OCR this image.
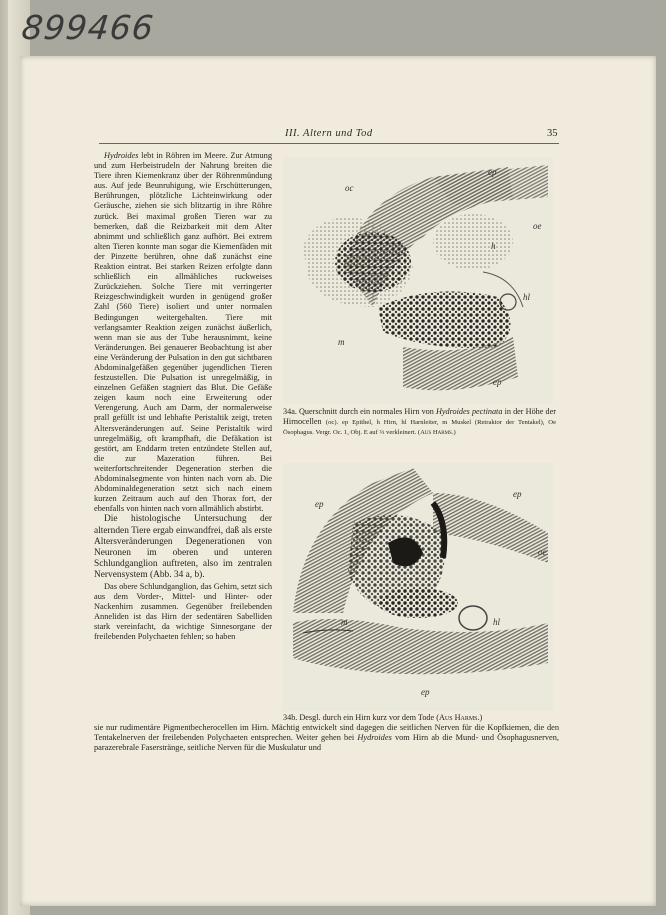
899466
III. Altern und Tod	35

Hydroides lebt in Röhren im Meere. Zur Atmung und zum Herbeistrudeln der Nahrung breiten die Tiere ihren Kiemenkranz über der Röhrenmündung aus. Auf jede Beunruhigung, wie Erschütterungen, Berührungen, plötzliche Lichteinwirkung oder Geräusche, ziehen sie sich blitzartig in ihre Röhre zurück. Bei maximal großen Tieren war zu bemerken, daß die Reizbarkeit mit dem Alter abnimmt und schließlich ganz aufhört. Bei extrem alten Tieren konnte man sogar die Kiemenfäden mit der Pinzette berühren, ohne daß zunächst eine Reaktion eintrat. Bei starken Reizen erfolgte dann schließlich ein allmähliches ruckweises Zurückziehen. Solche Tiere mit verringerter Reizgeschwindigkeit wurden in genügend großer Zahl (560 Tiere) isoliert und unter normalen Bedingungen weitergehalten. Tiere mit verlangsamter Reaktion zeigen zunächst äußerlich, wenn man sie aus der Tube herausnimmt, keine Veränderungen. Bei genauerer Beobachtung ist aber eine Veränderung der Pulsation in den gut sichtbaren Abdominalgefäßen gegenüber jugendlichen Tieren festzustellen. Die Pulsation ist unregelmäßig, in einzelnen Gefäßen stagniert das Blut. Die Gefäße zeigen kaum noch eine Erweiterung oder Verengerung. Auch am Darm, der normalerweise prall gefüllt ist und lebhafte Peristaltik zeigt, treten Altersveränderungen auf. Seine Peristaltik wird unregelmäßig, oft krampfhaft, die Defäkation ist gestört, am Enddarm treten entzündete Stellen auf, die zur Mazeration führen. Bei weiterfortschreitender Degeneration sterben die Abdominalsegmente von hinten nach vorn ab. Die Abdominaldegeneration setzt sich nach einem kurzen Zeitraum auch auf den Thorax fort, der ebenfalls von hinten nach vorn allmählich abstirbt.

Die histologische Untersuchung der alternden Tiere ergab einwandfrei, daß als erste Altersveränderungen Degenerationen von Neuronen im oberen und unteren Schlundganglion auftreten, also im zentralen Nervensystem (Abb. 34 a, b).

Das obere Schlundganglion, das Gehirn, setzt sich aus dem Vorder-, Mittel- und Hinter- oder Nackenhirn zusammen. Gegenüber freilebenden Anneliden ist das Hirn der sedentären Sabelliden stark vereinfacht, da wichtige Sinnesorgane der freilebenden Polychaeten fehlen; so haben

oc
ep
oe
h
hl
m
ep
34a. Querschnitt durch ein normales Hirn von Hydroides pectinata in der Höhe der Hirnocellen (oc). ep Epithel, h Hirn, hl Harnleiter, m Muskel (Retraktor der Tentakel), Oe Ösophagus. Vergr. Oc. 1, Obj. E auf ⅔ verkleinert. (Aus Harms.)
ep
ep
oe
hl
m
ep
34b. Desgl. durch ein Hirn kurz vor dem Tode (Aus Harms.)

sie nur rudimentäre Pigmentbecherocellen im Hirn. Mächtig entwickelt sind dagegen die seitlichen Nerven für die Kopfkiemen, die den Tentakelnerven der freilebenden Polychaeten entsprechen. Weiter gehen bei Hydroides vom Hirn ab die Mund- und Ösophagusnerven, parazerebrale Faserstränge, seitliche Nerven für die Muskulatur und
